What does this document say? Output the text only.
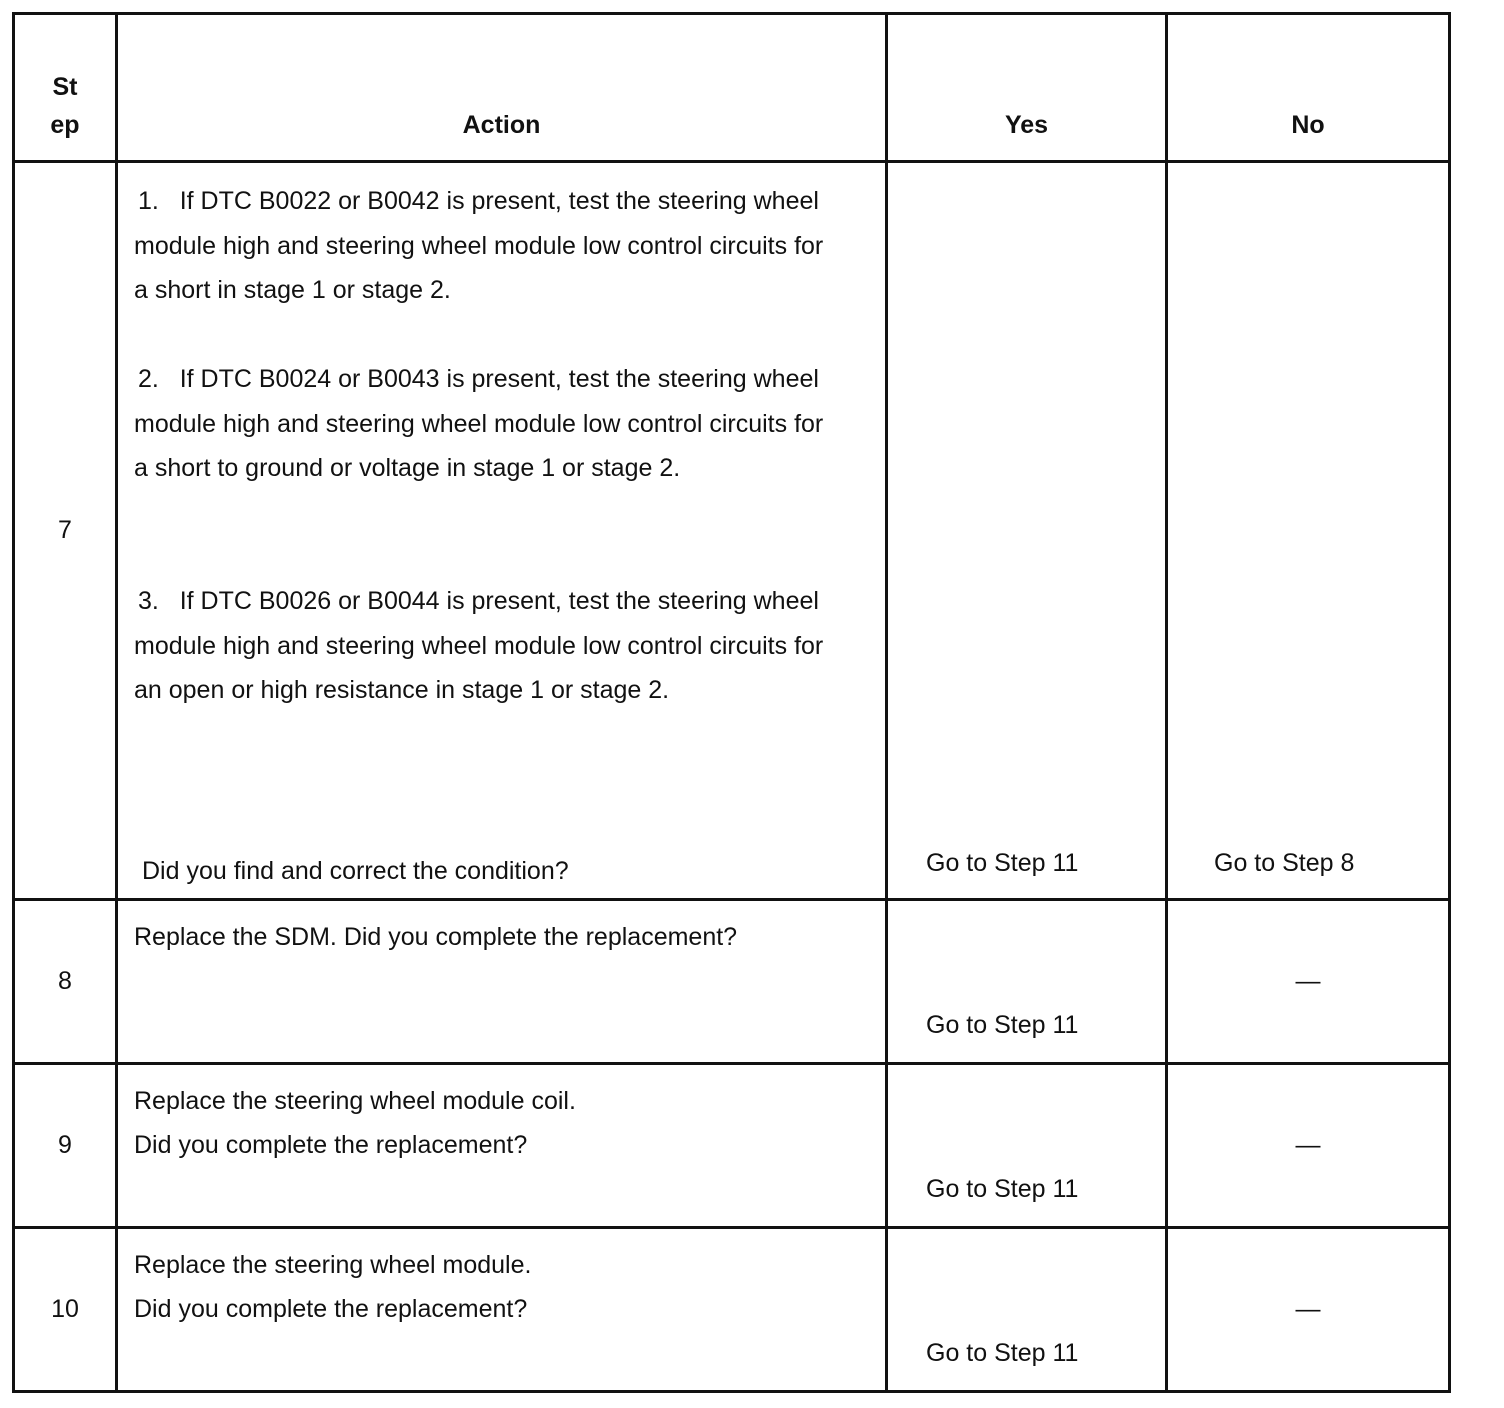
St
ep	Action	Yes	No
7	1. If DTC B0022 or B0042 is present, test the steering wheel module high and steering wheel module low control circuits for a short in stage 1 or stage 2.
2. If DTC B0024 or B0043 is present, test the steering wheel module high and steering wheel module low control circuits for a short to ground or voltage in stage 1 or stage 2.
3. If DTC B0026 or B0044 is present, test the steering wheel module high and steering wheel module low control circuits for an open or high resistance in stage 1 or stage 2.
Did you find and correct the condition?	Go to Step 11	Go to Step 8

8	Replace the SDM. Did you complete the replacement?	Go to Step 11	—

9	Replace the steering wheel module coil.
Did you complete the replacement?	Go to Step 11	—

10	Replace the steering wheel module.
Did you complete the replacement?	Go to Step 11	—
